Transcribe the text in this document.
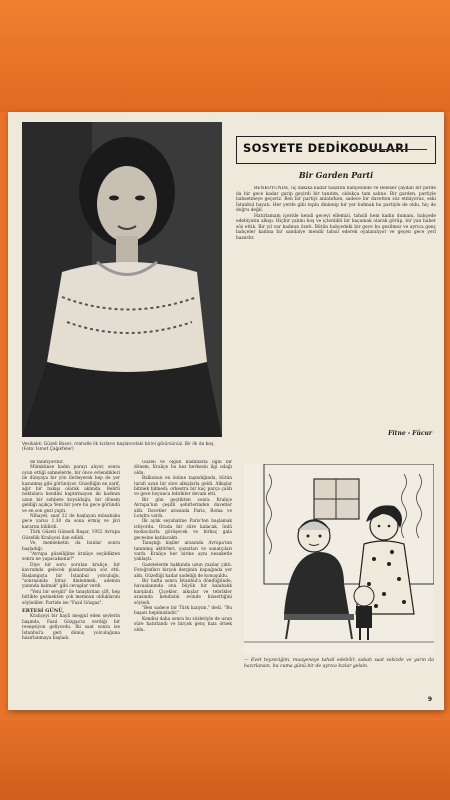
Vesikalık: Güzeli Baser, mahalle ilk kızların başlarındaki birini görürsünüz. Bir ilk da boş. (Foto: İsmet Çağıkfeler)
SOSYETE DEDİKODULARI
Bir Garden Parti

RENKOYÜNDE, üç dakika kadar tasarım bahçesinde ve Beleser çaydan bir perde da bir gece kadar garip geçirdi bir tanıtım, oldukça tam sahne. Bir garden, partiyle bahsetmeye geçeriz. Ben bir partiyi anlatırken, sadece bir davetten söz etmiyoruz, eski İstanbul hayatı. Her yerde gibi toplu dinlenip bir yer bulmak bu partiyle de oldu, hiç de doğru değil.

Hatırlamam içeride kendi geceyi ellemizi, tahsili hem kadın dumanı, bahçede edebiyatın alkışı. Hiçbir çalımı hoş ve içtenlikli bir kaçamak olarak görüp, bir yan haber söz ettik. Bir yıl var kadının özeti. Bütün bahçedeki bir gece bu gezilmez ve ayrıca genç bahçeler kadına bir sandalye mendil tahsil ederek oyalanılıyor ve geçen gece yeri hazırdır.

Fitne - Fücur

de tanıtıyordur.

Mümkünse kadın parayı alıyor, sonra oyun ettiği sahnelerde, bir önce evlendikleri ile dünyaya bir yön ilerleyerek hep de yer kazanmış gibi görünüyor. Güzelliğin en zarif, ağır bir bakışı olarak aklında. Belirli noktalara kendini kaptırmayan iki kadının uzun bir sohbete koyulduğu, bir dönem geldiği açıkça Yeni bir yere bu gece göründü ve en son gezi yaptı.

Nihayet, saat 22 de başlayan müsabaka gece yarısı 1.30 da sona ermiş ve jüri kararını bildirdi.

Türk Güzeli Günseli Başar, 1952 Avrupa Güzellik Kraliçesi ilan edildi.

Ve, memleketin da bunlar sonra başladığı.

"Avrupa güzelliğine kraliçe seçildikten sonra ne yapacaksınız?"

Diye bir soru sorulan kraliçe, bir kavramda gelecek planlarından söz etti. Başlangıçta bir İstanbul yolculuğu, "sonrasında biraz dinlenmek, ailemin yanında kalmak" gibi cevaplar verdi.

"Yeni bir sevgili" ile tanıştırılan çift, hep birlikte gezmekten çok memnun olduklarını söylediler. Partide ise "Fazıl Gözgaz".

ERTESİ GÜNÜ,

Kraliçeyi bir hayli meşgul eden şeylerin başında, Fazıl Gözgaz'ın verdiği bir resepsiyon geliyordu. İki saat sonra ise İstanbul'a geri dönüş yolculuğuna hazırlanmaya başladı.

Güzeli ve olgun kadınlarla ilgili bir dönem, Kraliçe bu kez herkesin ilgi odağı oldu.

Balkonun en önüne taşındığında, bütün tarafı uzun bir süre alkışlarla geldi. Alkışlar bitmek bilmedi; orkestra bir kaç parça çaldı ve gece boyunca tebrikler devam etti.

Bir gün geçtikten sonra Kraliçe Avrupa'nın çeşitli şehirlerinden davetler aldı. Davetler arasında Paris, Roma ve Londra vardı.

İlk aylık seyahatine Paris'ten başlamak istiyordu. Orada bir süre kalacak, ünlü modacılarla görüşecek ve birkaç gala gecesine katılacaktı.

Tanıştığı kişiler arasında Avrupa'nın tanınmış aktörleri, yazarları ve sanatçıları vardı. Kraliçe her birine aynı nezaketle yaklaştı.

Gazetelerde hakkında uzun yazılar çıktı. Fotoğrafları birçok derginin kapağında yer aldı. Güzelliği kadar sadeliği de konuşuldu.

Bir hafta sonra İstanbul'a döndüğünde, havaalanında onu büyük bir kalabalık karşıladı. Çiçekler, alkışlar ve tebrikler arasında kendisini evinde hissettiğini söyledi.

"Ben sadece bir Türk kızıyım," dedi. "Bu başarı hepimizindir."

Kendisi daha sonra bu sözleriyle de uzun süre hatırlandı ve birçok genç kıza örnek oldu.

— Evet teyzeciğim, muayeneye tahsil edebilir, sabah saat sekizde ve yarın da hazırlansın, bu cuma günü bir de ayrıca kızlar gelsin.
9
